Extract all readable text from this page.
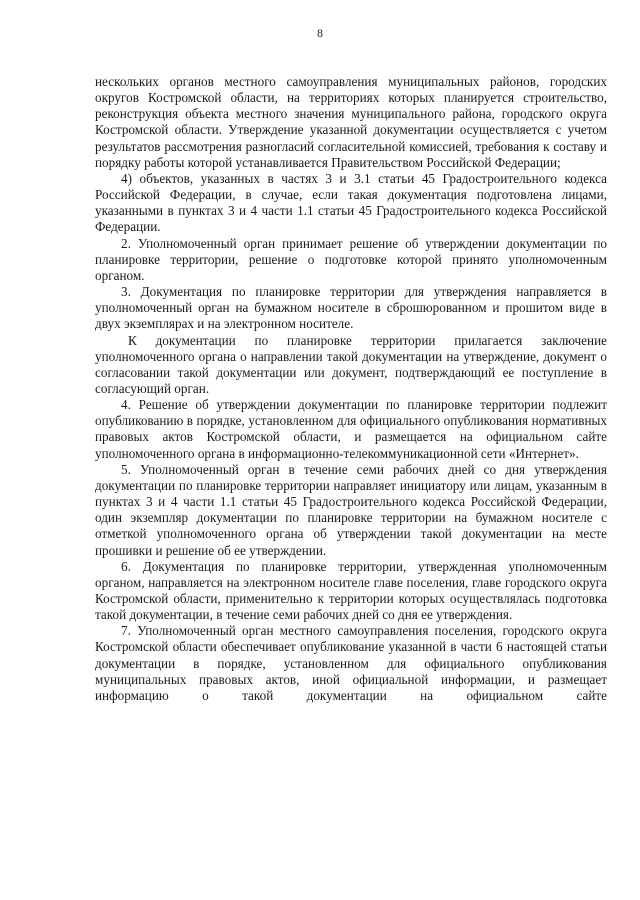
8

нескольких органов местного самоуправления муниципальных районов, городских округов Костромской области, на территориях которых планируется строительство, реконструкция объекта местного значения муниципального района, городского округа Костромской области. Утверждение указанной документации осуществляется с учетом результатов рассмотрения разногласий согласительной комиссией, требования к составу и порядку работы которой устанавливается Правительством Российской Федерации;

4) объектов, указанных в частях 3 и 3.1 статьи 45 Градостроительного кодекса Российской Федерации, в случае, если такая документация подготовлена лицами, указанными в пунктах 3 и 4 части 1.1 статьи 45 Градостроительного кодекса Российской Федерации.

2. Уполномоченный орган принимает решение об утверждении документации по планировке территории, решение о подготовке которой принято уполномоченным органом.

3. Документация по планировке территории для утверждения направляется в уполномоченный орган на бумажном носителе в сброшюрованном и прошитом виде в двух экземплярах и на электронном носителе.

К документации по планировке территории прилагается заключение уполномоченного органа о направлении такой документации на утверждение, документ о согласовании такой документации или документ, подтверждающий ее поступление в согласующий орган.

4. Решение об утверждении документации по планировке территории подлежит опубликованию в порядке, установленном для официального опубликования нормативных правовых актов Костромской области, и размещается на официальном сайте уполномоченного органа в информационно-телекоммуникационной сети «Интернет».

5. Уполномоченный орган в течение семи рабочих дней со дня утверждения документации по планировке территории направляет инициатору или лицам, указанным в пунктах 3 и 4 части 1.1 статьи 45 Градостроительного кодекса Российской Федерации, один экземпляр документации по планировке территории на бумажном носителе с отметкой уполномоченного органа об утверждении такой документации на месте прошивки и решение об ее утверждении.

6. Документация по планировке территории, утвержденная уполномоченным органом, направляется на электронном носителе главе поселения, главе городского округа Костромской области, применительно к территории которых осуществлялась подготовка такой документации, в течение семи рабочих дней со дня ее утверждения.

7. Уполномоченный орган местного самоуправления поселения, городского округа Костромской области обеспечивает опубликование указанной в части 6 настоящей статьи документации в порядке, установленном для официального опубликования муниципальных правовых актов, иной официальной информации, и размещает информацию о такой документации на официальном сайте
